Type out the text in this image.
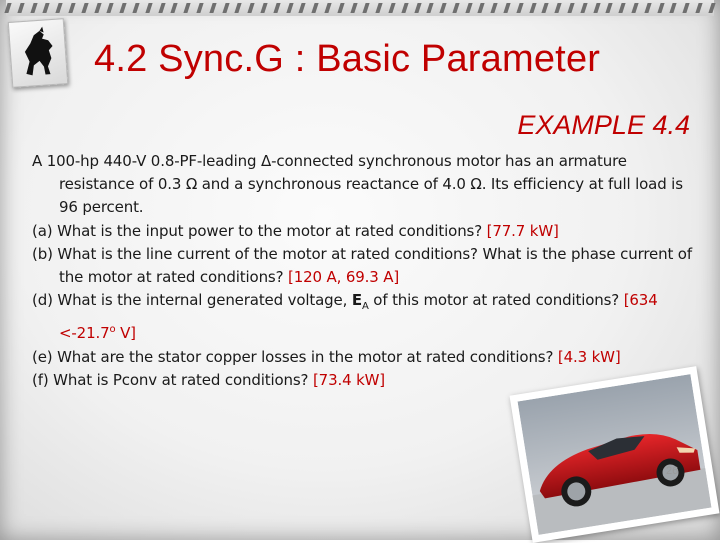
4.2 Sync.G : Basic Parameter
EXAMPLE 4.4

A 100-hp 440-V 0.8-PF-leading Δ-connected synchronous motor has an armature resistance of 0.3 Ω and a synchronous reactance of 4.0 Ω. Its efficiency at full load is 96 percent.

(a) What is the input power to the motor at rated conditions? [77.7 kW]

(b) What is the line current of the motor at rated conditions? What is the phase current of the motor at rated conditions? [120 A, 69.3 A]

(d) What is the internal generated voltage, $E_A$ of this motor at rated conditions? [$634 <-21.7^o$ V]

(e) What are the stator copper losses in the motor at rated conditions? [4.3 kW]

(f) What is Pconv at rated conditions? [73.4 kW]

26
